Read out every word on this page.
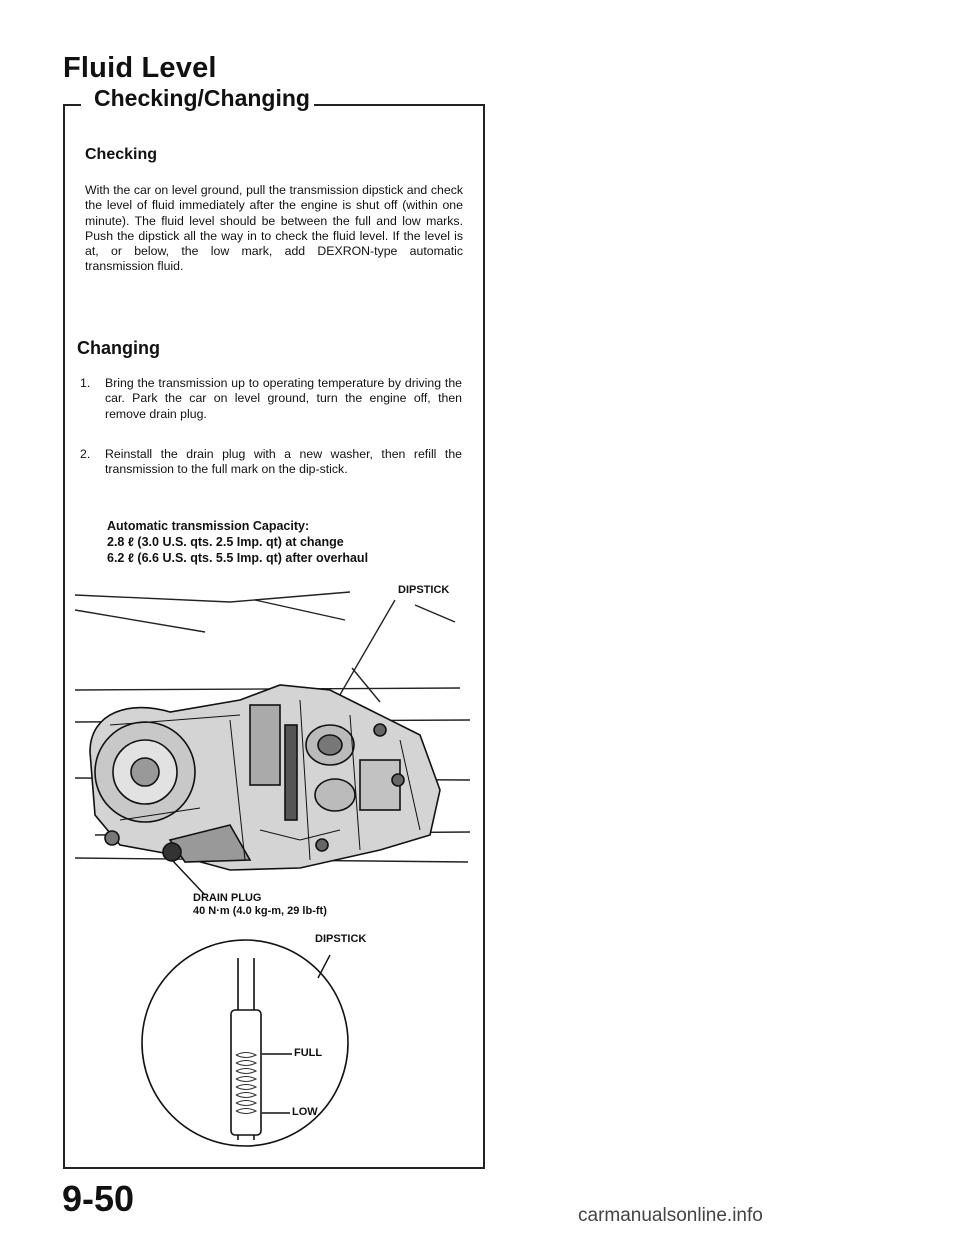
Fluid Level
Checking/Changing
Checking
With the car on level ground, pull the transmission dipstick and check the level of fluid immediately after the engine is shut off (within one minute). The fluid level should be between the full and low marks. Push the dipstick all the way in to check the fluid level. If the level is at, or below, the low mark, add DEXRON-type automatic transmission fluid.
Changing
1. Bring the transmission up to operating temperature by driving the car. Park the car on level ground, turn the engine off, then remove drain plug.
2. Reinstall the drain plug with a new washer, then refill the transmission to the full mark on the dip-stick.
Automatic transmission Capacity:
2.8 ℓ (3.0 U.S. qts. 2.5 Imp. qt) at change
6.2 ℓ (6.6 U.S. qts. 5.5 Imp. qt) after overhaul
DIPSTICK
DRAIN PLUG
40 N·m (4.0 kg-m, 29 lb-ft)
DIPSTICK
FULL
LOW
9-50	carmanualsonline.info
